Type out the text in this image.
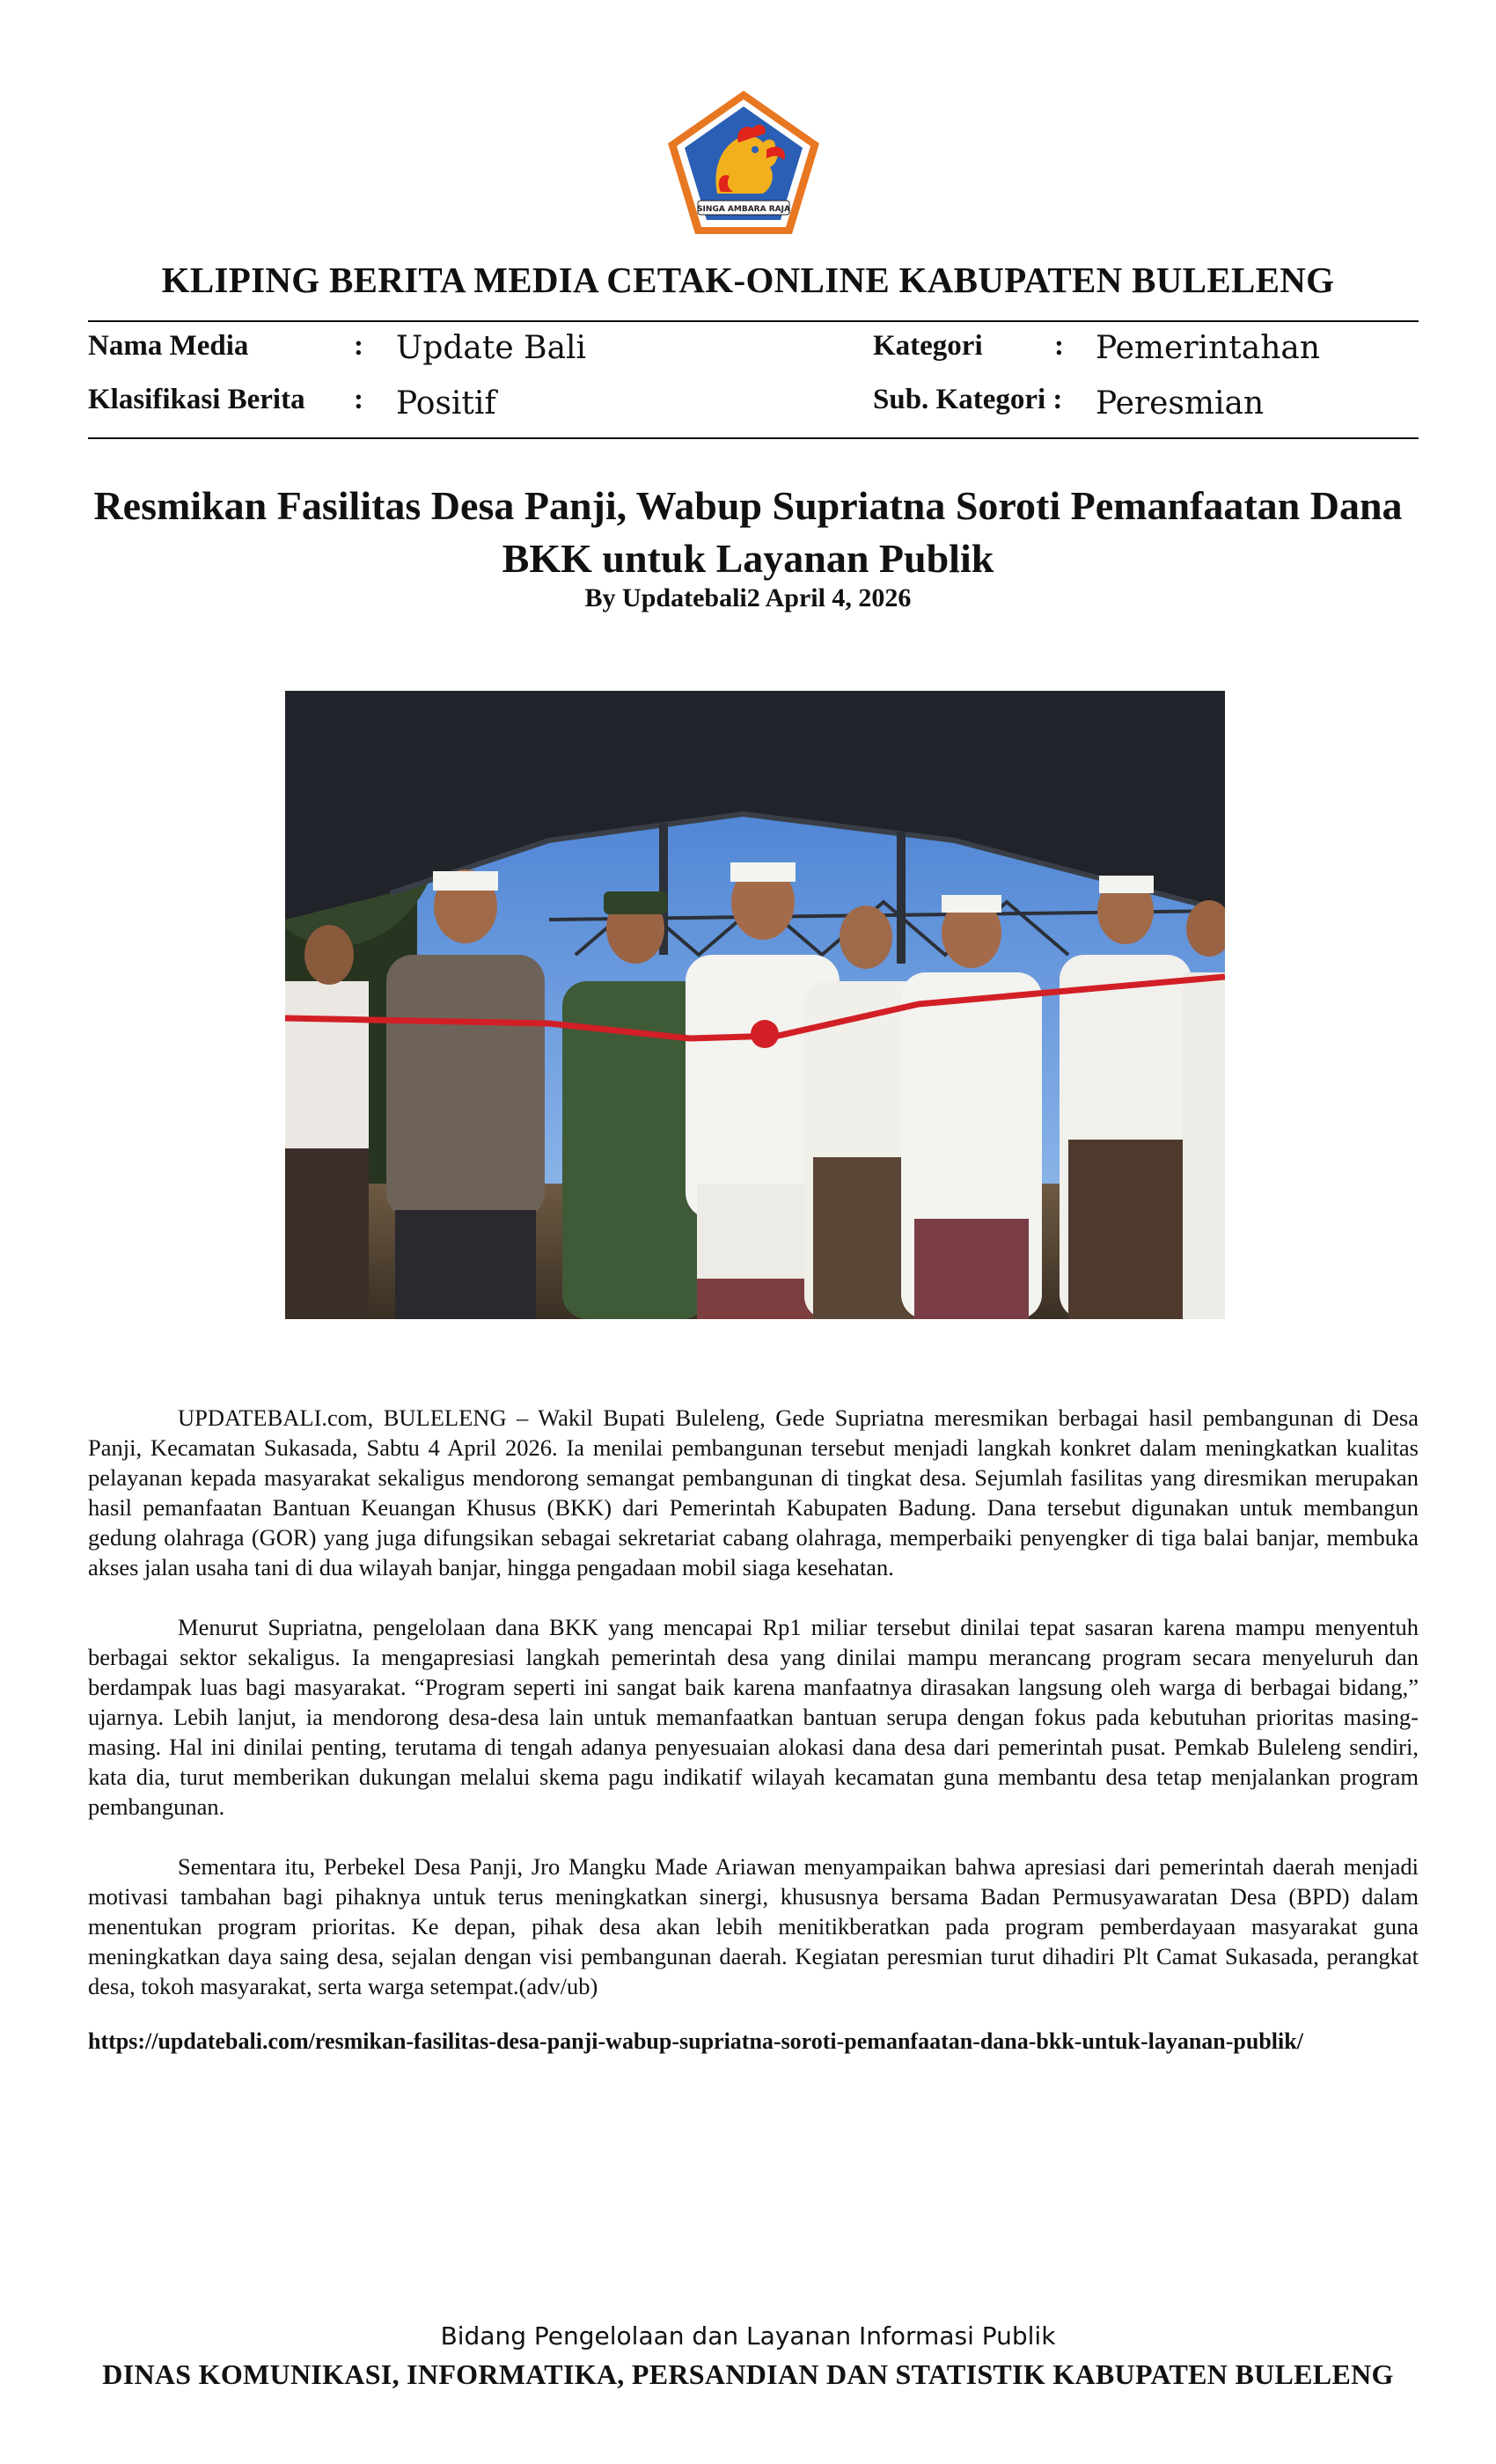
SINGA AMBARA RAJA
KLIPING BERITA MEDIA CETAK-ONLINE KABUPATEN BULELENG
Nama Media	: Update Bali
Klasifikasi Berita : Positif
Kategori : Pemerintahan
Sub. Kategori : Peresmian
Resmikan Fasilitas Desa Panji, Wabup Supriatna Soroti Pemanfaatan Dana BKK untuk Layanan Publik
By Updatebali2 April 4, 2026

UPDATEBALI.com, BULELENG – Wakil Bupati Buleleng, Gede Supriatna meresmikan berbagai hasil pembangunan di Desa Panji, Kecamatan Sukasada, Sabtu 4 April 2026. Ia menilai pembangunan tersebut menjadi langkah konkret dalam meningkatkan kualitas pelayanan kepada masyarakat sekaligus mendorong semangat pembangunan di tingkat desa. Sejumlah fasilitas yang diresmikan merupakan hasil pemanfaatan Bantuan Keuangan Khusus (BKK) dari Pemerintah Kabupaten Badung. Dana tersebut digunakan untuk membangun gedung olahraga (GOR) yang juga difungsikan sebagai sekretariat cabang olahraga, memperbaiki penyengker di tiga balai banjar, membuka akses jalan usaha tani di dua wilayah banjar, hingga pengadaan mobil siaga kesehatan.

Menurut Supriatna, pengelolaan dana BKK yang mencapai Rp1 miliar tersebut dinilai tepat sasaran karena mampu menyentuh berbagai sektor sekaligus. Ia mengapresiasi langkah pemerintah desa yang dinilai mampu merancang program secara menyeluruh dan berdampak luas bagi masyarakat. “Program seperti ini sangat baik karena manfaatnya dirasakan langsung oleh warga di berbagai bidang,” ujarnya. Lebih lanjut, ia mendorong desa-desa lain untuk memanfaatkan bantuan serupa dengan fokus pada kebutuhan prioritas masing-masing. Hal ini dinilai penting, terutama di tengah adanya penyesuaian alokasi dana desa dari pemerintah pusat. Pemkab Buleleng sendiri, kata dia, turut memberikan dukungan melalui skema pagu indikatif wilayah kecamatan guna membantu desa tetap menjalankan program pembangunan.

Sementara itu, Perbekel Desa Panji, Jro Mangku Made Ariawan menyampaikan bahwa apresiasi dari pemerintah daerah menjadi motivasi tambahan bagi pihaknya untuk terus meningkatkan sinergi, khususnya bersama Badan Permusyawaratan Desa (BPD) dalam menentukan program prioritas. Ke depan, pihak desa akan lebih menitikberatkan pada program pemberdayaan masyarakat guna meningkatkan daya saing desa, sejalan dengan visi pembangunan daerah. Kegiatan peresmian turut dihadiri Plt Camat Sukasada, perangkat desa, tokoh masyarakat, serta warga setempat.(adv/ub)

https://updatebali.com/resmikan-fasilitas-desa-panji-wabup-supriatna-soroti-pemanfaatan-dana-bkk-untuk-layanan-publik/
Bidang Pengelolaan dan Layanan Informasi Publik
DINAS KOMUNIKASI, INFORMATIKA, PERSANDIAN DAN STATISTIK KABUPATEN BULELENG
